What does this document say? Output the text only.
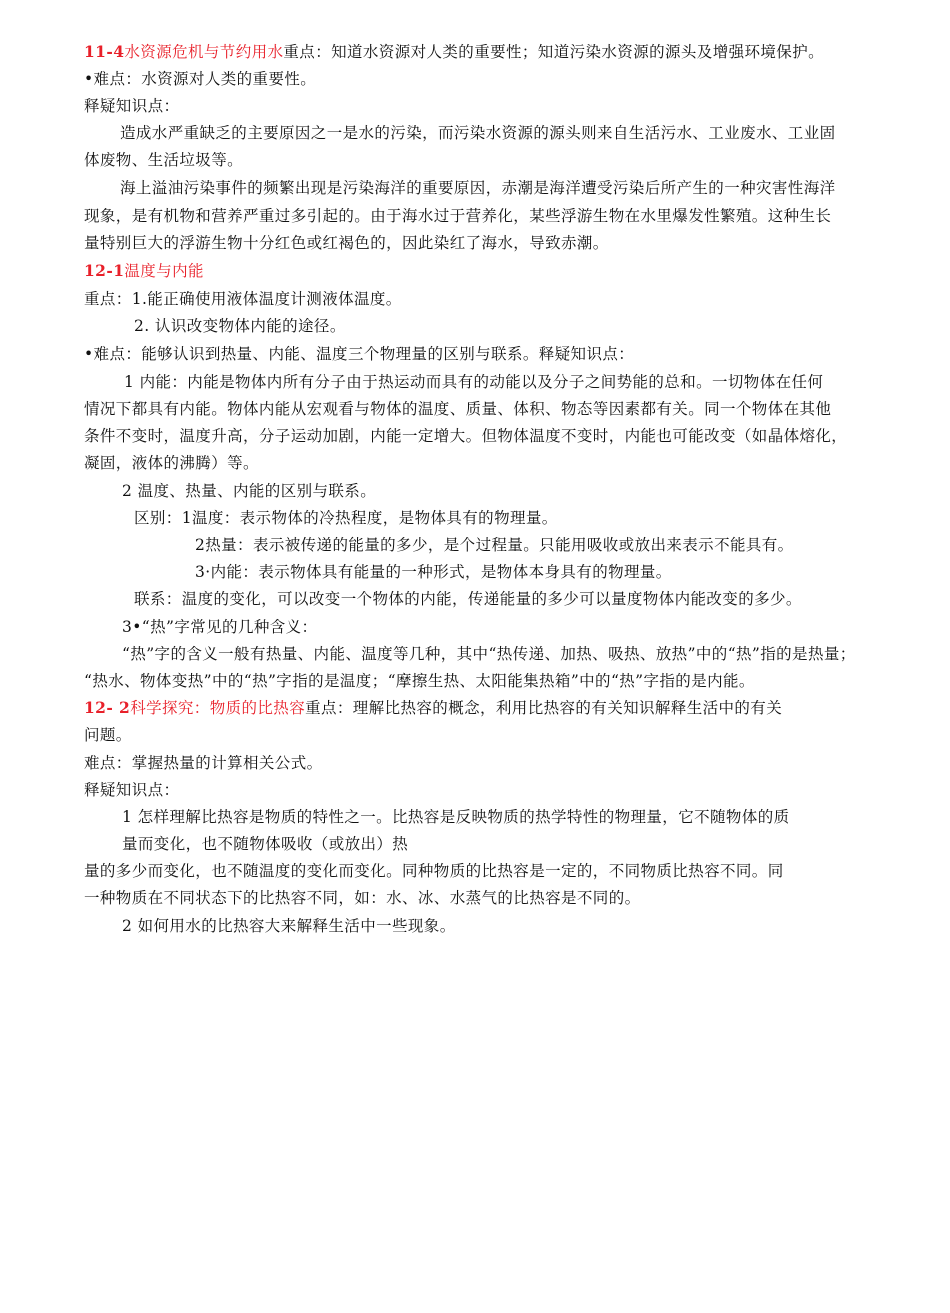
11-4水资源危机与节约用水重点：知道水资源对人类的重要性；知道污染水资源的源头及增强环境保护。
•难点：水资源对人类的重要性。
释疑知识点：
造成水严重缺乏的主要原因之一是水的污染，而污染水资源的源头则来自生活污水、工业废水、工业固
体废物、生活垃圾等。
海上溢油污染事件的频繁出现是污染海洋的重要原因，赤潮是海洋遭受污染后所产生的一种灾害性海洋
现象，是有机物和营养严重过多引起的。由于海水过于营养化，某些浮游生物在水里爆发性繁殖。这种生长
量特别巨大的浮游生物十分红色或红褐色的，因此染红了海水，导致赤潮。
12-1温度与内能
重点：1.能正确使用液体温度计测液体温度。
2. 认识改变物体内能的途径。
•难点：能够认识到热量、内能、温度三个物理量的区别与联系。释疑知识点：
1 内能：内能是物体内所有分子由于热运动而具有的动能以及分子之间势能的总和。一切物体在任何
情况下都具有内能。物体内能从宏观看与物体的温度、质量、体积、物态等因素都有关。同一个物体在其他
条件不变时，温度升高，分子运动加剧，内能一定增大。但物体温度不变时，内能也可能改变（如晶体熔化，
凝固，液体的沸腾）等。
2 温度、热量、内能的区别与联系。
区别：1温度：表示物体的冷热程度，是物体具有的物理量。
2热量：表示被传递的能量的多少，是个过程量。只能用吸收或放出来表示不能具有。
3·内能：表示物体具有能量的一种形式，是物体本身具有的物理量。
联系：温度的变化，可以改变一个物体的内能，传递能量的多少可以量度物体内能改变的多少。
3•“热”字常见的几种含义：
“热”字的含义一般有热量、内能、温度等几种，其中“热传递、加热、吸热、放热”中的“热”指的是热量；
“热水、物体变热”中的“热”字指的是温度；“摩擦生热、太阳能集热箱”中的“热”字指的是内能。
12- 2科学探究：物质的比热容重点：理解比热容的概念，利用比热容的有关知识解释生活中的有关
问题。
难点：掌握热量的计算相关公式。
释疑知识点：
1 怎样理解比热容是物质的特性之一。比热容是反映物质的热学特性的物理量，它不随物体的质
量而变化，也不随物体吸收（或放出）热
量的多少而变化，也不随温度的变化而变化。同种物质的比热容是一定的，不同物质比热容不同。同
一种物质在不同状态下的比热容不同，如：水、冰、水蒸气的比热容是不同的。
2 如何用水的比热容大来解释生活中一些现象。
